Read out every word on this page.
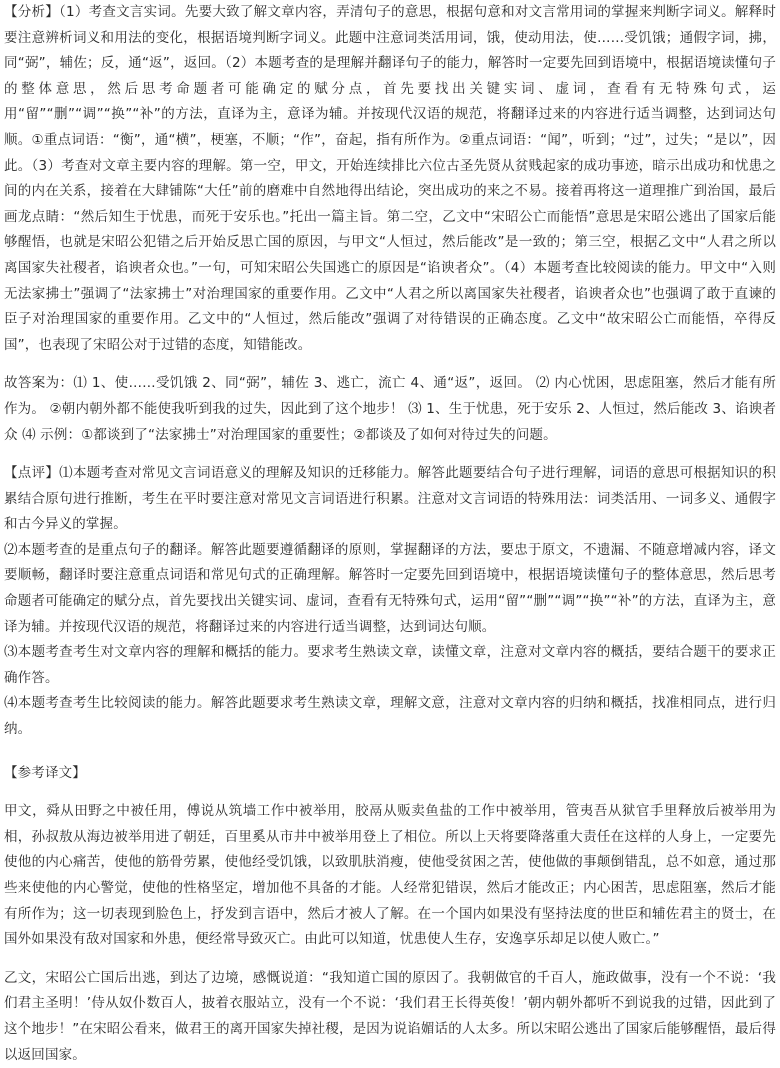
【分析】（1）考查文言实词。先要大致了解文章内容，弄清句子的意思，根据句意和对文言常用词的掌握来判断字词义。解释时要注意辨析词义和用法的变化，根据语境判断字词义。此题中注意词类活用词，饿，使动用法，使……受饥饿；通假字词，拂，同“弼”，辅佐；反，通“返”，返回。（2）本题考查的是理解并翻译句子的能力，解答时一定要先回到语境中，根据语境读懂句子的整体意思，然后思考命题者可能确定的赋分点，首先要找出关键实词、虚词，查看有无特殊句式，运用“留”“删”“调”“换”“补”的方法，直译为主，意译为辅。并按现代汉语的规范，将翻译过来的内容进行适当调整，达到词达句顺。①重点词语：“衡”，通“横”，梗塞，不顺；“作”，奋起，指有所作为。②重点词语：“闻”，听到；“过”，过失；“是以”，因此。（3）考查对文章主要内容的理解。第一空，甲文，开始连续排比六位古圣先贤从贫贱起家的成功事迹，暗示出成功和忧患之间的内在关系，接着在大肆铺陈“大任”前的磨难中自然地得出结论，突出成功的来之不易。接着再将这一道理推广到治国，最后画龙点睛：“然后知生于忧患，而死于安乐也。”托出一篇主旨。第二空，乙文中“宋昭公亡而能悟”意思是宋昭公逃出了国家后能够醒悟，也就是宋昭公犯错之后开始反思亡国的原因，与甲文“人恒过，然后能改”是一致的；第三空，根据乙文中“人君之所以离国家失社稷者，谄谀者众也。”一句，可知宋昭公失国逃亡的原因是“谄谀者众”。（4）本题考查比较阅读的能力。甲文中“入则无法家拂士”强调了“法家拂士”对治理国家的重要作用。乙文中“人君之所以离国家失社稷者，谄谀者众也”也强调了敢于直谏的臣子对治理国家的重要作用。乙文中的“人恒过，然后能改”强调了对待错误的正确态度。乙文中“故宋昭公亡而能悟，卒得反国”，也表现了宋昭公对于过错的态度，知错能改。

故答案为：⑴ 1、使……受饥饿 2、同“弼”，辅佐 3、逃亡，流亡 4、通“返”，返回。 ⑵ 内心忧困，思虑阻塞，然后才能有所作为。 ②朝内朝外都不能使我听到我的过失，因此到了这个地步！ ⑶ 1、生于忧患，死于安乐 2、人恒过，然后能改 3、谄谀者众 ⑷ 示例：①都谈到了“法家拂士”对治理国家的重要性；②都谈及了如何对待过失的问题。

【点评】⑴本题考查对常见文言词语意义的理解及知识的迁移能力。解答此题要结合句子进行理解，词语的意思可根据知识的积累结合原句进行推断，考生在平时要注意对常见文言词语进行积累。注意对文言词语的特殊用法：词类活用、一词多义、通假字和古今异义的掌握。

⑵本题考查的是重点句子的翻译。解答此题要遵循翻译的原则，掌握翻译的方法，要忠于原文，不遗漏、不随意增减内容，译文要顺畅，翻译时要注意重点词语和常见句式的正确理解。解答时一定要先回到语境中，根据语境读懂句子的整体意思，然后思考命题者可能确定的赋分点，首先要找出关键实词、虚词，查看有无特殊句式，运用“留”“删”“调”“换”“补”的方法，直译为主，意译为辅。并按现代汉语的规范，将翻译过来的内容进行适当调整，达到词达句顺。

⑶本题考查考生对文章内容的理解和概括的能力。要求考生熟读文章，读懂文章，注意对文章内容的概括，要结合题干的要求正确作答。

⑷本题考查考生比较阅读的能力。解答此题要求考生熟读文章，理解文意，注意对文章内容的归纳和概括，找准相同点，进行归纳。

【参考译文】

甲文，舜从田野之中被任用，傅说从筑墙工作中被举用，胶鬲从贩卖鱼盐的工作中被举用，管夷吾从狱官手里释放后被举用为相，孙叔敖从海边被举用进了朝廷，百里奚从市井中被举用登上了相位。所以上天将要降落重大责任在这样的人身上，一定要先使他的内心痛苦，使他的筋骨劳累，使他经受饥饿，以致肌肤消瘦，使他受贫困之苦，使他做的事颠倒错乱，总不如意，通过那些来使他的内心警觉，使他的性格坚定，增加他不具备的才能。人经常犯错误，然后才能改正；内心困苦，思虑阻塞，然后才能有所作为；这一切表现到脸色上，抒发到言语中，然后才被人了解。在一个国内如果没有坚持法度的世臣和辅佐君主的贤士，在国外如果没有敌对国家和外患，便经常导致灭亡。由此可以知道，忧患使人生存，安逸享乐却足以使人败亡。”

乙文，宋昭公亡国后出逃，到达了边境，感慨说道：“我知道亡国的原因了。我朝做官的千百人，施政做事，没有一个不说：‘我们君主圣明！’侍从奴仆数百人，披着衣服站立，没有一个不说：‘我们君王长得英俊！’朝内朝外都听不到说我的过错，因此到了这个地步！”在宋昭公看来，做君王的离开国家失掉社稷，是因为说谄媚话的人太多。所以宋昭公逃出了国家后能够醒悟，最后得以返回国家。
